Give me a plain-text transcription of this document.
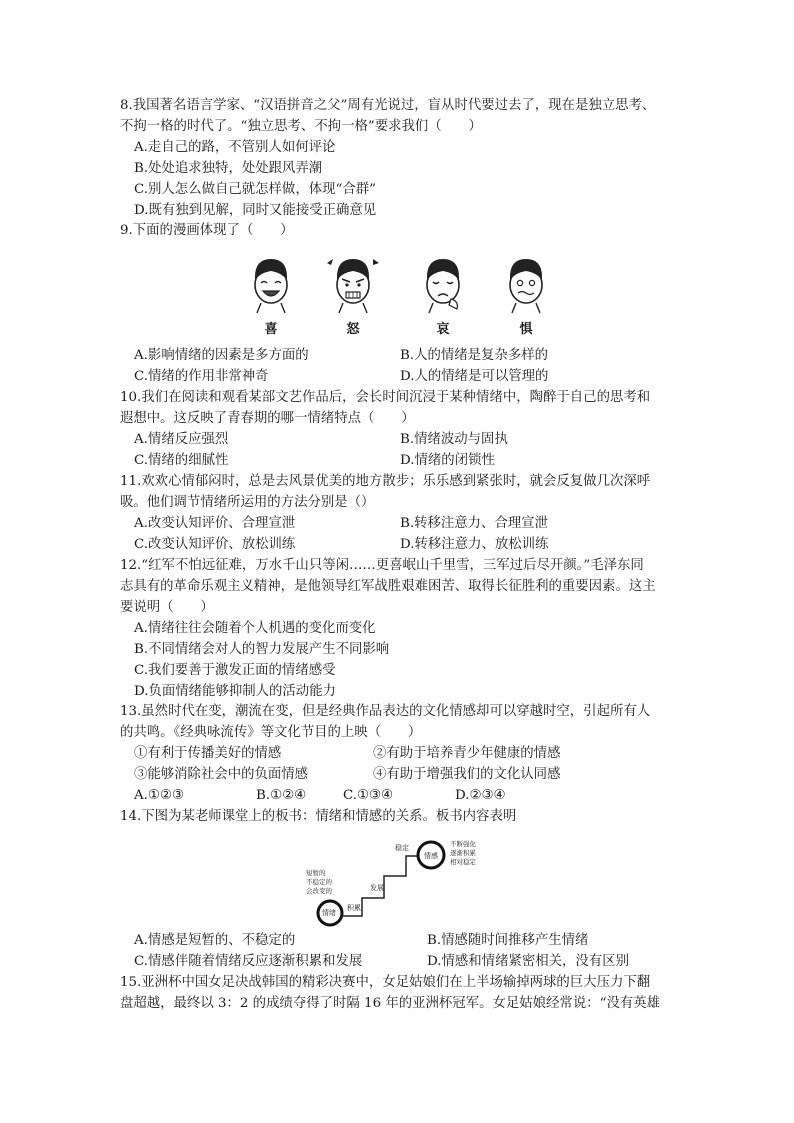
8.我国著名语言学家、“汉语拼音之父”周有光说过，盲从时代要过去了，现在是独立思考、
不拘一格的时代了。“独立思考、不拘一格”要求我们（　　）
A.走自己的路，不管别人如何评论
B.处处追求独特，处处跟风弄潮
C.别人怎么做自己就怎样做，体现“合群”
D.既有独到见解，同时又能接受正确意见
9.下面的漫画体现了（　　）
喜	怒	哀	惧
A.影响情绪的因素是多方面的	B.人的情绪是复杂多样的
C.情绪的作用非常神奇	D.人的情绪是可以管理的
10.我们在阅读和观看某部文艺作品后，会长时间沉浸于某种情绪中，陶醉于自己的思考和
遐想中。这反映了青春期的哪一情绪特点（　　）
A.情绪反应强烈	B.情绪波动与固执
C.情绪的细腻性	D.情绪的闭锁性
11.欢欢心情郁闷时，总是去风景优美的地方散步；乐乐感到紧张时，就会反复做几次深呼
吸。他们调节情绪所运用的方法分别是（）
A.改变认知评价、合理宣泄	B.转移注意力、合理宣泄
C.改变认知评价、放松训练	D.转移注意力、放松训练
12.“红军不怕远征难，万水千山只等闲……更喜岷山千里雪，三军过后尽开颜。”毛泽东同
志具有的革命乐观主义精神，是他领导红军战胜艰难困苦、取得长征胜利的重要因素。这主
要说明（　　）
A.情绪往往会随着个人机遇的变化而变化
B.不同情绪会对人的智力发展产生不同影响
C.我们要善于激发正面的情绪感受
D.负面情绪能够抑制人的活动能力
13.虽然时代在变，潮流在变，但是经典作品表达的文化情感却可以穿越时空，引起所有人
的共鸣。《经典咏流传》等文化节目的上映（　　）
①有利于传播美好的情感	②有助于培养青少年健康的情感
③能够消除社会中的负面情感	④有助于增强我们的文化认同感
A.①②③	B.①②④	C.①③④	D.②③④
14.下图为某老师课堂上的板书：情绪和情感的关系。板书内容表明
短暂的
不稳定的
会改变的
情绪
积累
发展
稳定
情感
不断强化
逐渐积累
相对稳定
A.情感是短暂的、不稳定的	B.情感随时间推移产生情绪
C.情感伴随着情绪反应逐渐积累和发展	D.情感和情绪紧密相关，没有区别
15.亚洲杯中国女足决战韩国的精彩决赛中，女足姑娘们在上半场输掉两球的巨大压力下翻
盘超越，最终以 3：2 的成绩夺得了时隔 16 年的亚洲杯冠军。女足姑娘经常说：“没有英雄
